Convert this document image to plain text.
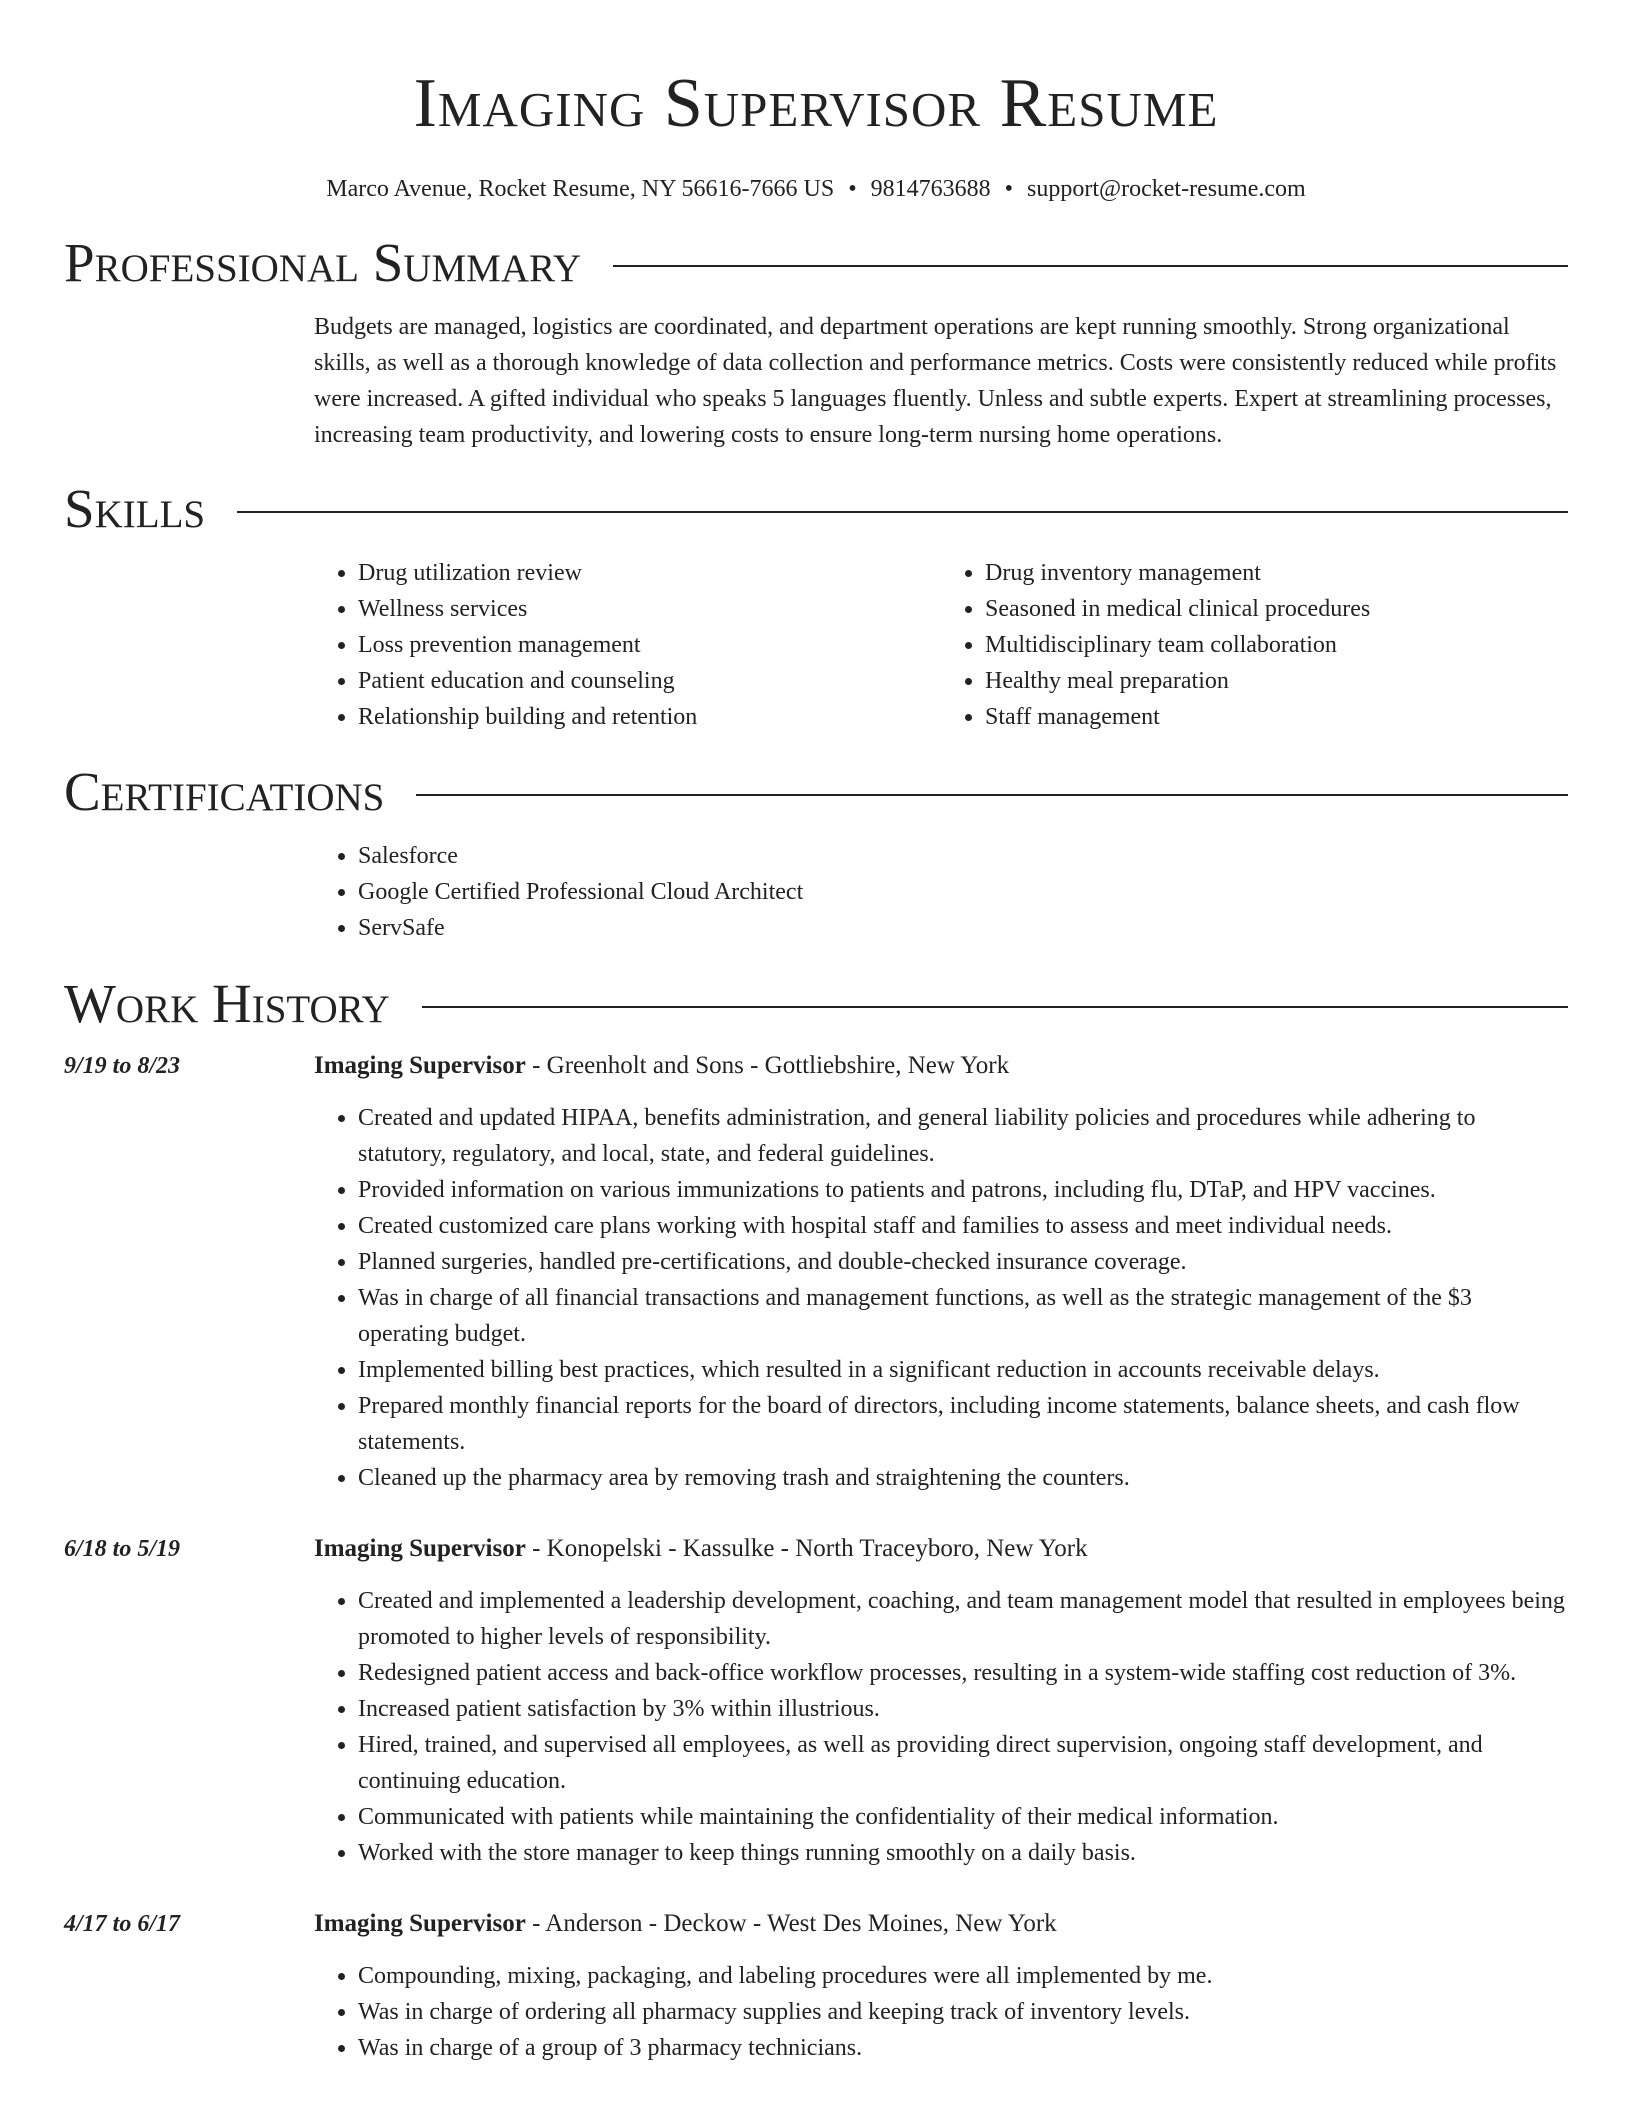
Imaging Supervisor Resume
Marco Avenue, Rocket Resume, NY 56616-7666 US • 9814763688 • support@rocket-resume.com
Professional Summary
Budgets are managed, logistics are coordinated, and department operations are kept running smoothly. Strong organizational skills, as well as a thorough knowledge of data collection and performance metrics. Costs were consistently reduced while profits were increased. A gifted individual who speaks 5 languages fluently. Unless and subtle experts. Expert at streamlining processes, increasing team productivity, and lowering costs to ensure long-term nursing home operations.
Skills
• Drug utilization review
• Wellness services
• Loss prevention management
• Patient education and counseling
• Relationship building and retention
• Drug inventory management
• Seasoned in medical clinical procedures
• Multidisciplinary team collaboration
• Healthy meal preparation
• Staff management
Certifications
• Salesforce
• Google Certified Professional Cloud Architect
• ServSafe
Work History
9/19 to 8/23	Imaging Supervisor - Greenholt and Sons - Gottliebshire, New York
• Created and updated HIPAA, benefits administration, and general liability policies and procedures while adhering to statutory, regulatory, and local, state, and federal guidelines.
• Provided information on various immunizations to patients and patrons, including flu, DTaP, and HPV vaccines.
• Created customized care plans working with hospital staff and families to assess and meet individual needs.
• Planned surgeries, handled pre-certifications, and double-checked insurance coverage.
• Was in charge of all financial transactions and management functions, as well as the strategic management of the $3 operating budget.
• Implemented billing best practices, which resulted in a significant reduction in accounts receivable delays.
• Prepared monthly financial reports for the board of directors, including income statements, balance sheets, and cash flow statements.
• Cleaned up the pharmacy area by removing trash and straightening the counters.
6/18 to 5/19	Imaging Supervisor - Konopelski - Kassulke - North Traceyboro, New York
• Created and implemented a leadership development, coaching, and team management model that resulted in employees being promoted to higher levels of responsibility.
• Redesigned patient access and back-office workflow processes, resulting in a system-wide staffing cost reduction of 3%.
• Increased patient satisfaction by 3% within illustrious.
• Hired, trained, and supervised all employees, as well as providing direct supervision, ongoing staff development, and continuing education.
• Communicated with patients while maintaining the confidentiality of their medical information.
• Worked with the store manager to keep things running smoothly on a daily basis.
4/17 to 6/17	Imaging Supervisor - Anderson - Deckow - West Des Moines, New York
• Compounding, mixing, packaging, and labeling procedures were all implemented by me.
• Was in charge of ordering all pharmacy supplies and keeping track of inventory levels.
• Was in charge of a group of 3 pharmacy technicians.
